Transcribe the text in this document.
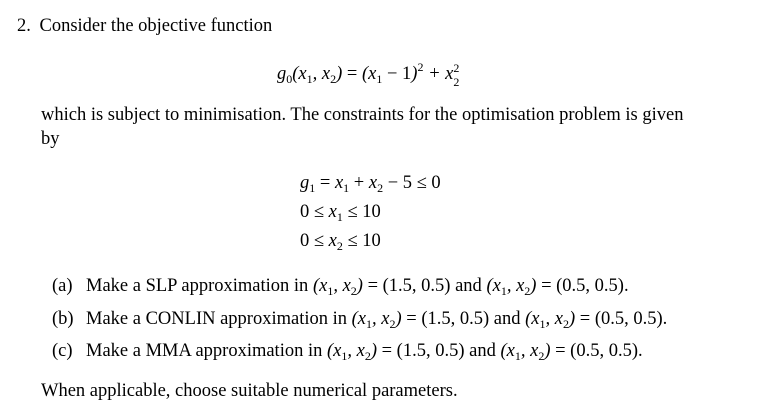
2. Consider the objective function
$g_0(x_1$, $x_2) = (x_1 - 1)^2 + x$ 2
2
which is subject to minimisation. The constraints for the optimisation problem is given
by
$g_1 = x_1 + x_2 - 5 \le 0$
$0 \le x_1 \le 10$
$0 \le x_2 \le 10$
(a) Make a SLP approximation in ($x_1$, $x_2) = (1.5$, 0.5) and ($x_1$, $x_2) = (0.5$, 0.5).
(b) Make a CONLIN approximation in ($x_1$, $x_2) = (1.5$, 0.5) and ($x_1$, $x_2) = (0.5$, 0.5).
(c) Make a MMA approximation in ($x_1$, $x_2) = (1.5$, 0.5) and ($x_1$, $x_2) = (0.5$, 0.5).
When applicable, choose suitable numerical parameters.
